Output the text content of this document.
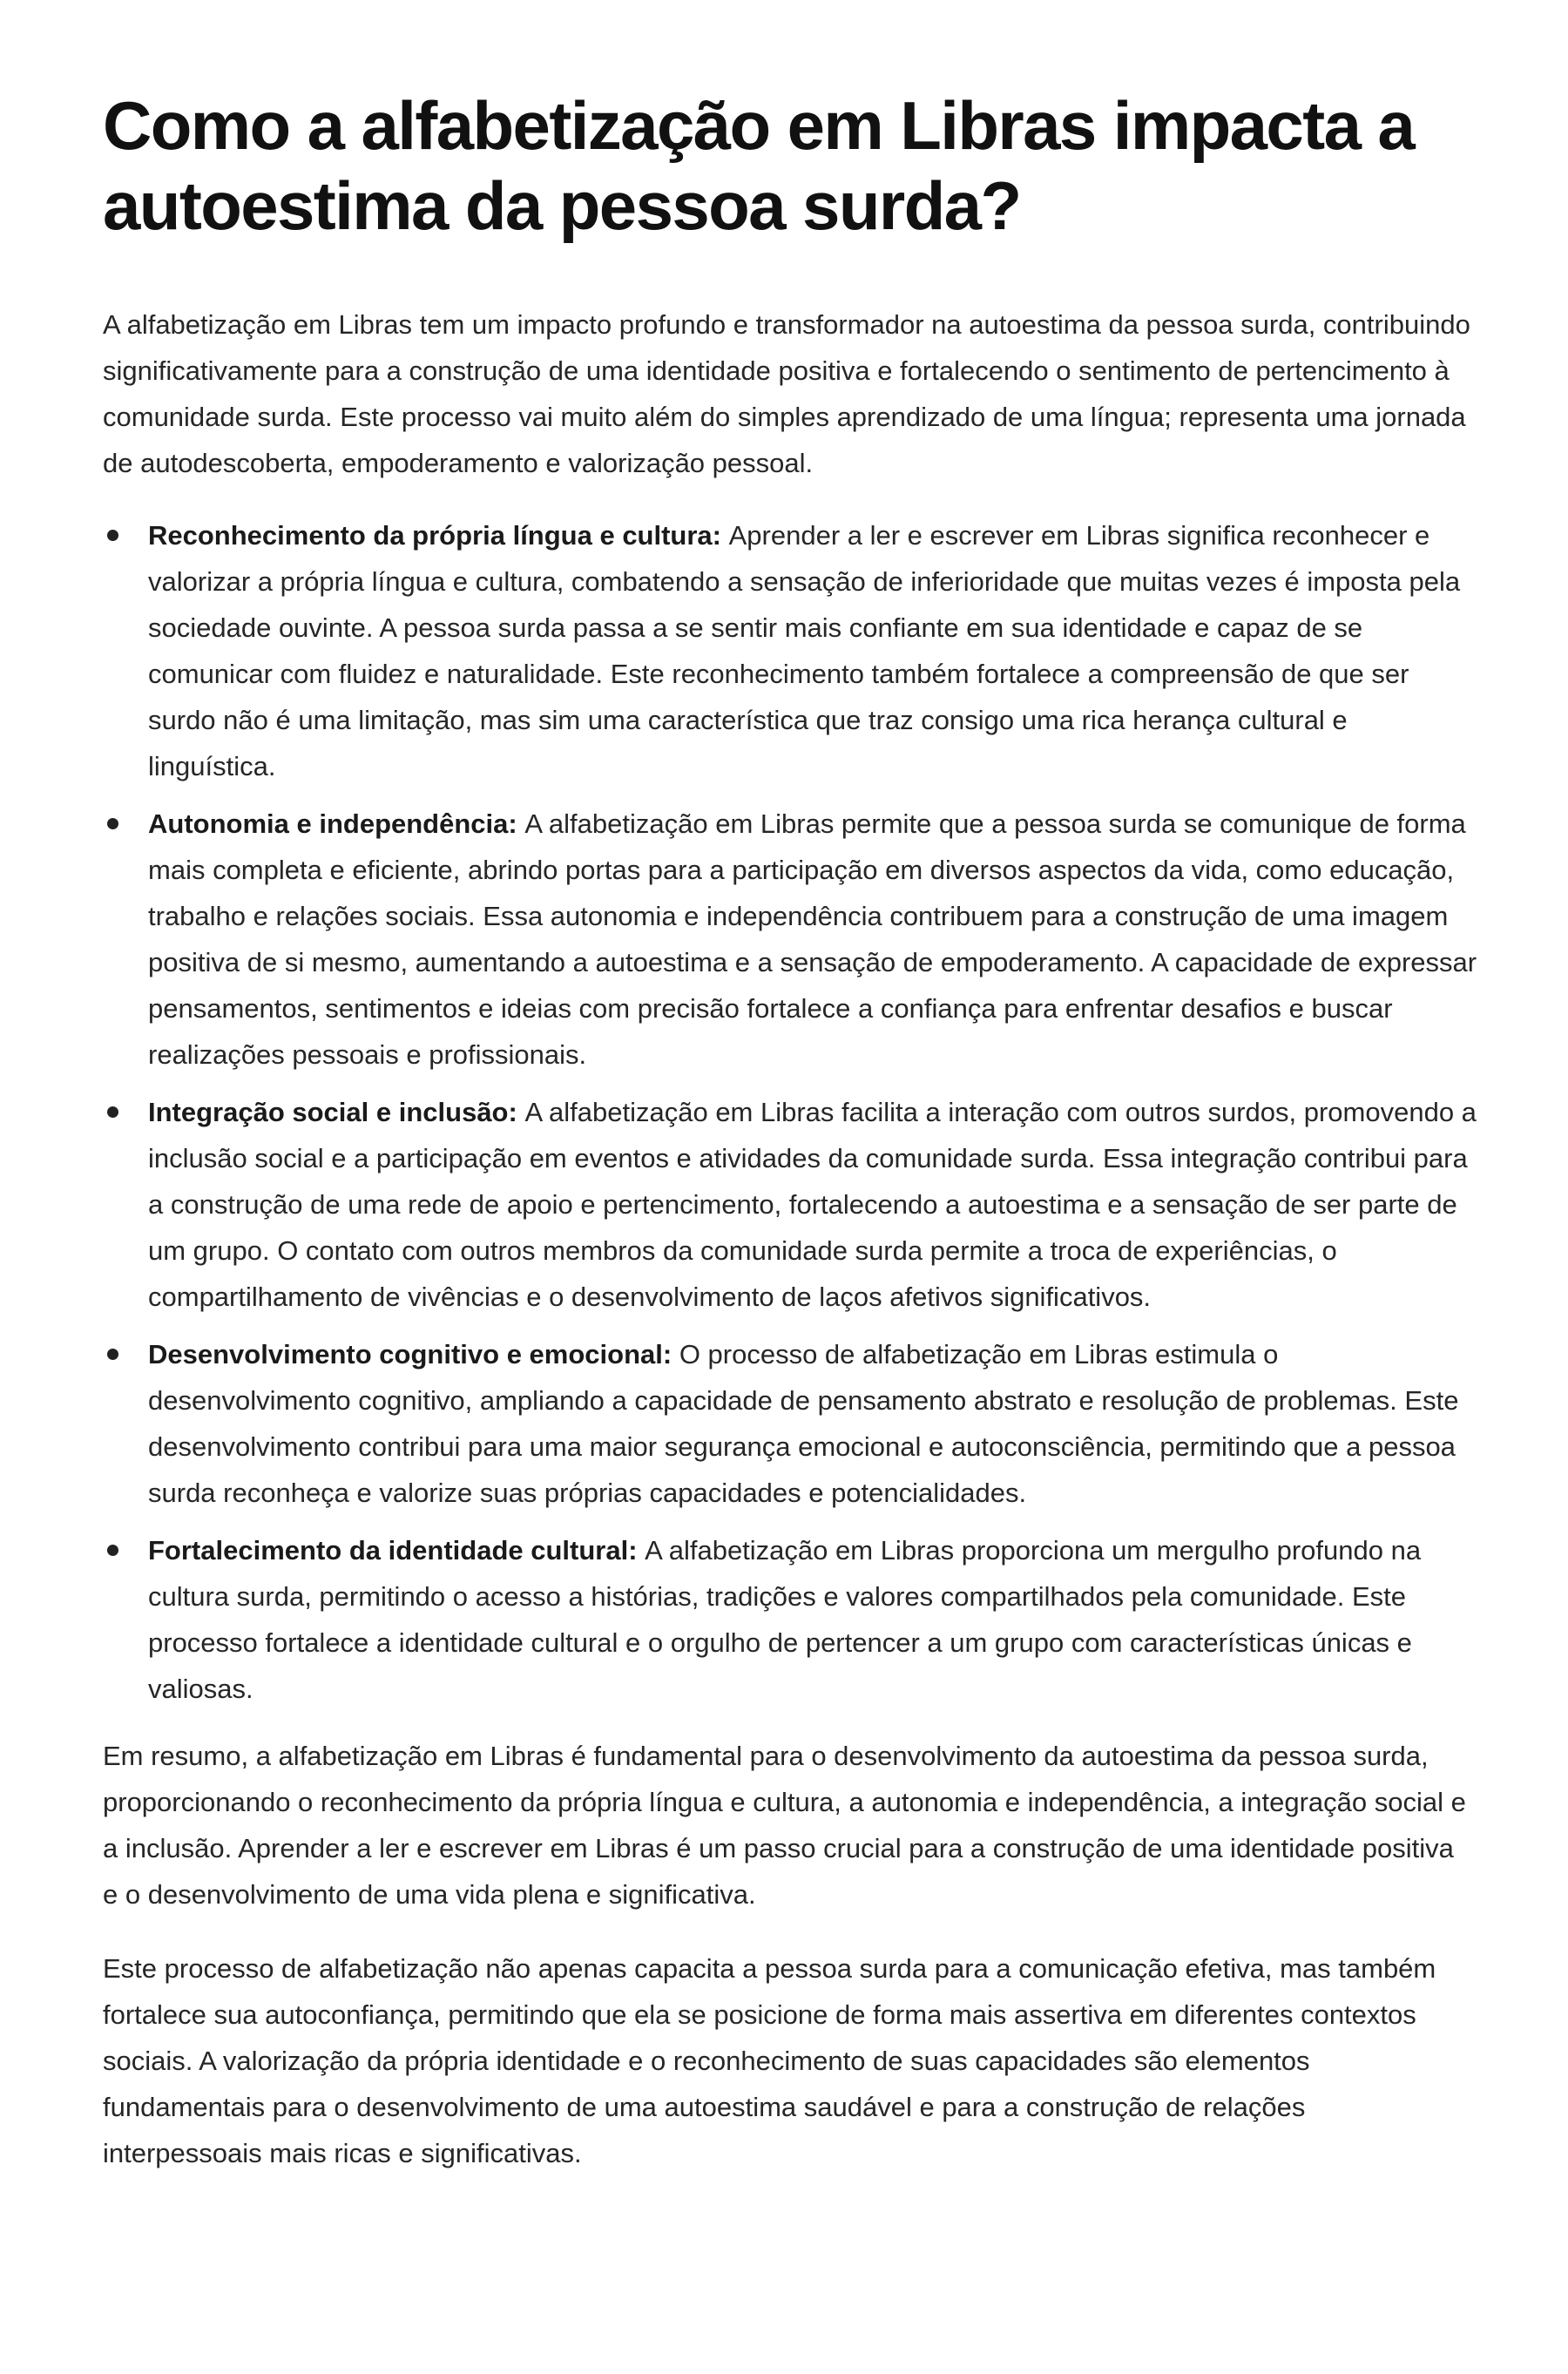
Como a alfabetização em Libras impacta a autoestima da pessoa surda?

A alfabetização em Libras tem um impacto profundo e transformador na autoestima da pessoa surda, contribuindo significativamente para a construção de uma identidade positiva e fortalecendo o sentimento de pertencimento à comunidade surda. Este processo vai muito além do simples aprendizado de uma língua; representa uma jornada de autodescoberta, empoderamento e valorização pessoal.

Reconhecimento da própria língua e cultura: Aprender a ler e escrever em Libras significa reconhecer e valorizar a própria língua e cultura, combatendo a sensação de inferioridade que muitas vezes é imposta pela sociedade ouvinte. A pessoa surda passa a se sentir mais confiante em sua identidade e capaz de se comunicar com fluidez e naturalidade. Este reconhecimento também fortalece a compreensão de que ser surdo não é uma limitação, mas sim uma característica que traz consigo uma rica herança cultural e linguística.
Autonomia e independência: A alfabetização em Libras permite que a pessoa surda se comunique de forma mais completa e eficiente, abrindo portas para a participação em diversos aspectos da vida, como educação, trabalho e relações sociais. Essa autonomia e independência contribuem para a construção de uma imagem positiva de si mesmo, aumentando a autoestima e a sensação de empoderamento. A capacidade de expressar pensamentos, sentimentos e ideias com precisão fortalece a confiança para enfrentar desafios e buscar realizações pessoais e profissionais.
Integração social e inclusão: A alfabetização em Libras facilita a interação com outros surdos, promovendo a inclusão social e a participação em eventos e atividades da comunidade surda. Essa integração contribui para a construção de uma rede de apoio e pertencimento, fortalecendo a autoestima e a sensação de ser parte de um grupo. O contato com outros membros da comunidade surda permite a troca de experiências, o compartilhamento de vivências e o desenvolvimento de laços afetivos significativos.
Desenvolvimento cognitivo e emocional: O processo de alfabetização em Libras estimula o desenvolvimento cognitivo, ampliando a capacidade de pensamento abstrato e resolução de problemas. Este desenvolvimento contribui para uma maior segurança emocional e autoconsciência, permitindo que a pessoa surda reconheça e valorize suas próprias capacidades e potencialidades.
Fortalecimento da identidade cultural: A alfabetização em Libras proporciona um mergulho profundo na cultura surda, permitindo o acesso a histórias, tradições e valores compartilhados pela comunidade. Este processo fortalece a identidade cultural e o orgulho de pertencer a um grupo com características únicas e valiosas.

Em resumo, a alfabetização em Libras é fundamental para o desenvolvimento da autoestima da pessoa surda, proporcionando o reconhecimento da própria língua e cultura, a autonomia e independência, a integração social e a inclusão. Aprender a ler e escrever em Libras é um passo crucial para a construção de uma identidade positiva e o desenvolvimento de uma vida plena e significativa.

Este processo de alfabetização não apenas capacita a pessoa surda para a comunicação efetiva, mas também fortalece sua autoconfiança, permitindo que ela se posicione de forma mais assertiva em diferentes contextos sociais. A valorização da própria identidade e o reconhecimento de suas capacidades são elementos fundamentais para o desenvolvimento de uma autoestima saudável e para a construção de relações interpessoais mais ricas e significativas.
